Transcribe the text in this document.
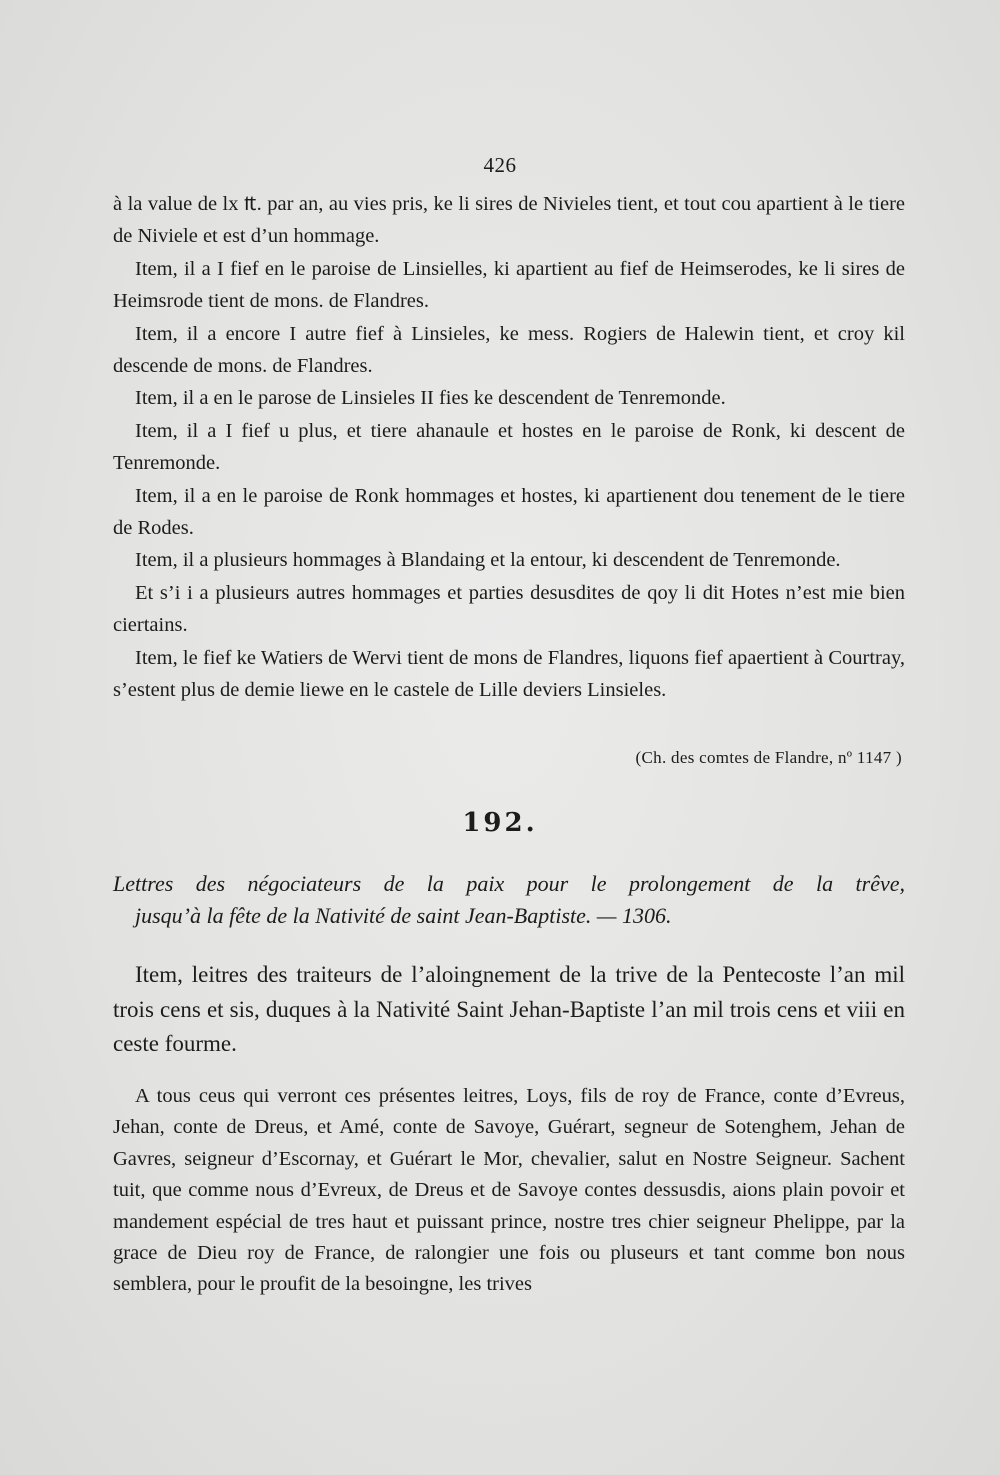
426

à la value de lx ₶. par an, au vies pris, ke li sires de Nivieles tient, et tout cou apartient à le tiere de Niviele et est d’un hommage.

Item, il a I fief en le paroise de Linsielles, ki apartient au fief de Heimserodes, ke li sires de Heimsrode tient de mons. de Flandres.

Item, il a encore I autre fief à Linsieles, ke mess. Rogiers de Halewin tient, et croy kil descende de mons. de Flandres.

Item, il a en le parose de Linsieles II fies ke descendent de Tenremonde.

Item, il a I fief u plus, et tiere ahanaule et hostes en le paroise de Ronk, ki descent de Tenremonde.

Item, il a en le paroise de Ronk hommages et hostes, ki apartienent dou tenement de le tiere de Rodes.

Item, il a plusieurs hommages à Blandaing et la entour, ki descendent de Tenremonde.

Et s’i i a plusieurs autres hommages et parties desusdites de qoy li dit Hotes n’est mie bien ciertains.

Item, le fief ke Watiers de Wervi tient de mons de Flandres, liquons fief apaertient à Courtray, s’estent plus de demie liewe en le castele de Lille deviers Linsieles.

(Ch. des comtes de Flandre, nº 1147 )
192.
Lettres des négociateurs de la paix pour le prolongement de la trêve,
jusqu’à la fête de la Nativité de saint Jean-Baptiste. — 1306.

Item, leitres des traiteurs de l’aloingnement de la trive de la Pentecoste l’an mil trois cens et sis, duques à la Nativité Saint Jehan-Baptiste l’an mil trois cens et viii en ceste fourme.

A tous ceus qui verront ces présentes leitres, Loys, fils de roy de France, conte d’Evreus, Jehan, conte de Dreus, et Amé, conte de Savoye, Guérart, segneur de Sotenghem, Jehan de Gavres, seigneur d’Escornay, et Guérart le Mor, chevalier, salut en Nostre Seigneur. Sachent tuit, que comme nous d’Evreux, de Dreus et de Savoye contes dessusdis, aions plain povoir et mandement espécial de tres haut et puissant prince, nostre tres chier seigneur Phelippe, par la grace de Dieu roy de France, de ralongier une fois ou pluseurs et tant comme bon nous semblera, pour le proufit de la besoingne, les trives
